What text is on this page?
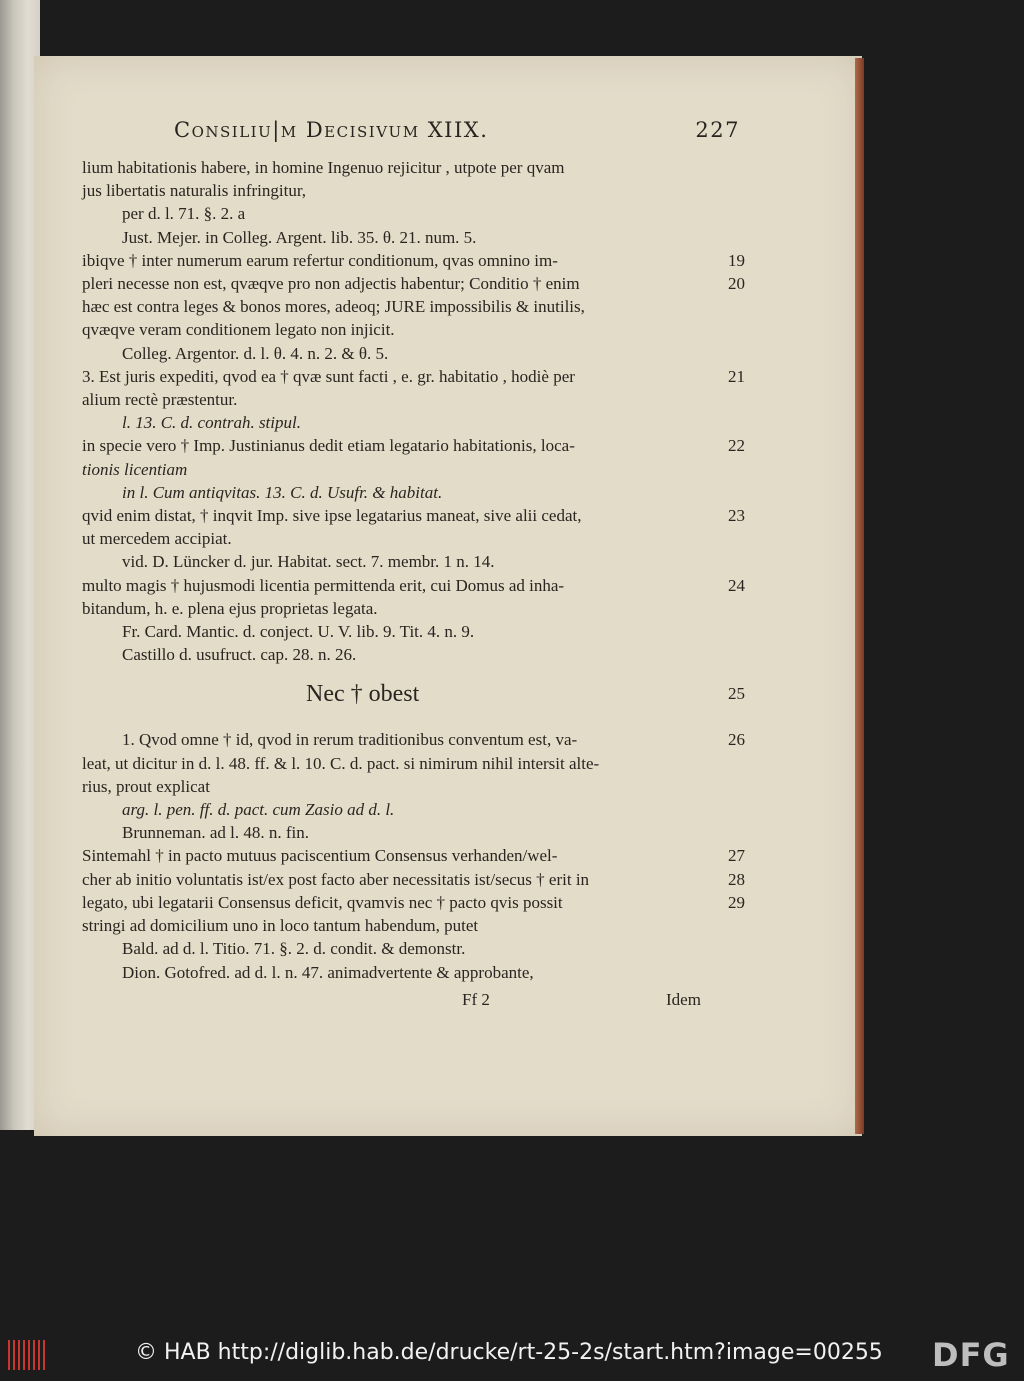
Consiliu|m Decisivum XIIX.	227
lium habitationis habere, in homine Ingenuo rejicitur , utpote per qvam
jus libertatis naturalis infringitur,
per d. l. 71. §. 2. a
Just. Mejer. in Colleg. Argent. lib. 35. θ. 21. num. 5.
ibiqve † inter numerum earum refertur conditionum, qvas omnino im-	19
pleri necesse non est, qvæqve pro non adjectis habentur; Conditio † enim	20
hæc est contra leges & bonos mores, adeoq; JURE impossibilis & inutilis,
qvæqve veram conditionem legato non injicit.
Colleg. Argentor. d. l. θ. 4. n. 2. & θ. 5.
3. Est juris expediti, qvod ea † qvæ sunt facti , e. gr. habitatio , hodiè per	21
alium rectè præstentur.
l. 13. C. d. contrah. stipul.
in specie vero † Imp. Justinianus dedit etiam legatario habitationis, loca-	22
tionis licentiam
in l. Cum antiqvitas. 13. C. d. Usufr. & habitat.
qvid enim distat, † inqvit Imp. sive ipse legatarius maneat, sive alii cedat,	23
ut mercedem accipiat.
vid. D. Lüncker d. jur. Habitat. sect. 7. membr. 1 n. 14.
multo magis † hujusmodi licentia permittenda erit, cui Domus ad inha-	24
bitandum, h. e. plena ejus proprietas legata.
Fr. Card. Mantic. d. conject. U. V. lib. 9. Tit. 4. n. 9.
Castillo d. usufruct. cap. 28. n. 26.
Nec † obest	25
1. Qvod omne † id, qvod in rerum traditionibus conventum est, va-	26
leat, ut dicitur in d. l. 48. ff. & l. 10. C. d. pact. si nimirum nihil intersit alte-
rius, prout explicat
arg. l. pen. ff. d. pact. cum Zasio ad d. l.
Brunneman. ad l. 48. n. fin.
Sintemahl † in pacto mutuus paciscentium Consensus verhanden/wel-	27
cher ab initio voluntatis ist/ex post facto aber necessitatis ist/secus † erit in	28
legato, ubi legatarii Consensus deficit, qvamvis nec † pacto qvis possit	29
stringi ad domicilium uno in loco tantum habendum, putet
Bald. ad d. l. Titio. 71. §. 2. d. condit. & demonstr.
Dion. Gotofred. ad d. l. n. 47. animadvertente & approbante,
Ff 2	Idem
© HAB http://diglib.hab.de/drucke/rt-25-2s/start.htm?image=00255 DFG
